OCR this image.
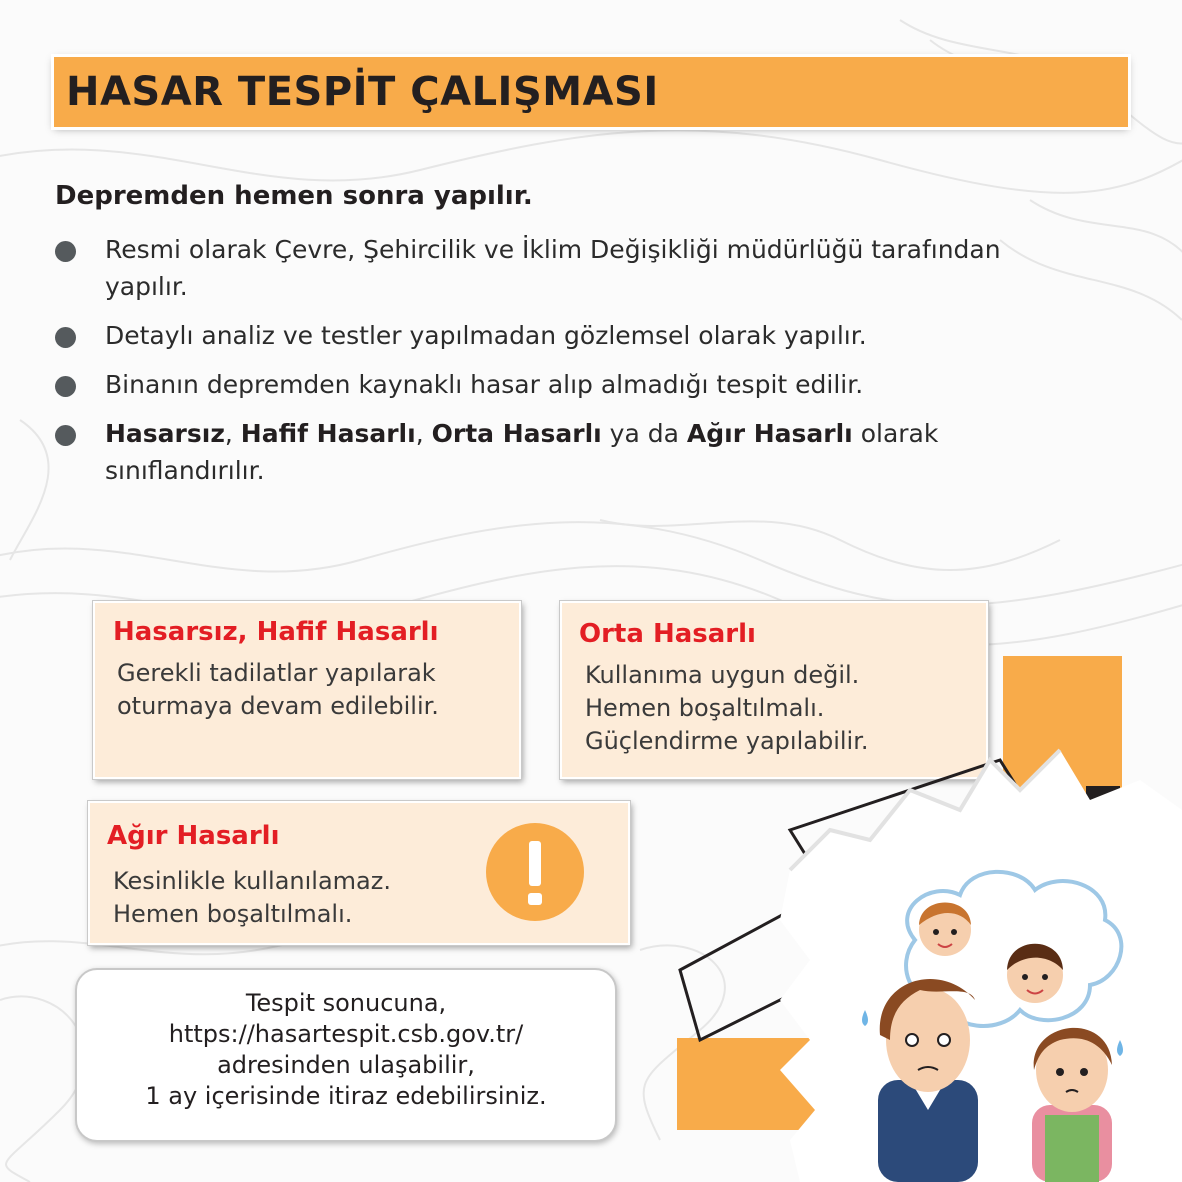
HASAR TESPİT ÇALIŞMASI
Depremden hemen sonra yapılır.
Resmi olarak Çevre, Şehircilik ve İklim Değişikliği müdürlüğü tarafından yapılır.
Detaylı analiz ve testler yapılmadan gözlemsel olarak yapılır.
Binanın depremden kaynaklı hasar alıp almadığı tespit edilir.
Hasarsız, Hafif Hasarlı, Orta Hasarlı ya da Ağır Hasarlı olarak sınıflandırılır.
Hasarsız, Hafif Hasarlı
Gerekli tadilatlar yapılarak
oturmaya devam edilebilir.
Orta Hasarlı
Kullanıma uygun değil.
Hemen boşaltılmalı.
Güçlendirme yapılabilir.
Ağır Hasarlı
Kesinlikle kullanılamaz.
Hemen boşaltılmalı.
Tespit sonucuna,
https://hasartespit.csb.gov.tr/
adresinden ulaşabilir,
1 ay içerisinde itiraz edebilirsiniz.
